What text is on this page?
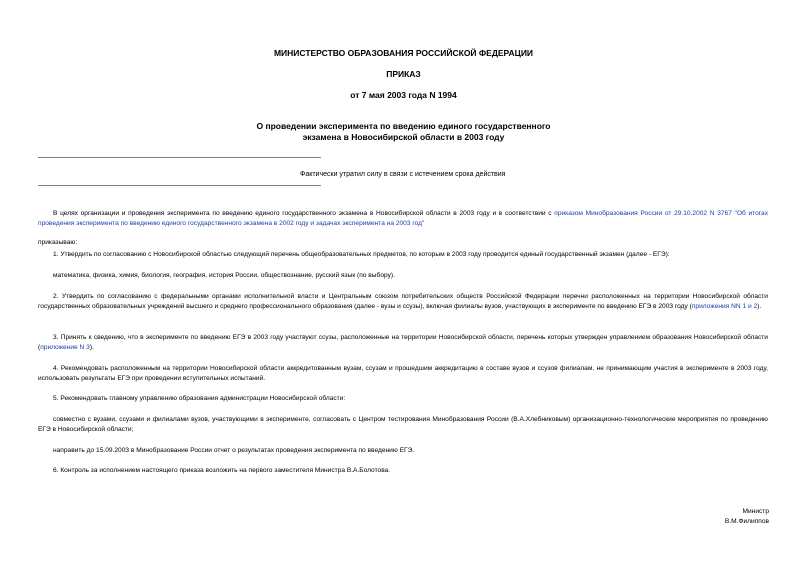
МИНИСТЕРСТВО ОБРАЗОВАНИЯ РОССИЙСКОЙ ФЕДЕРАЦИИ
ПРИКАЗ
от 7 мая 2003 года N 1994
О проведении эксперимента по введению единого государственного
экзамена в Новосибирской области в 2003 году
Фактически утратил силу в связи с истечением срока действия
В целях организации и проведения эксперимента по введению единого государственного экзамена в Новосибирской области в 2003 году и в соответствии с приказом Минобразования России от 29.10.2002 N 3767 "Об итогах проведения эксперимента по введению единого государственного экзамена в 2002 году и задачах эксперимента на 2003 год"
приказываю:
1. Утвердить по согласованию с Новосибирской областью следующий перечень общеобразовательных предметов, по которым в 2003 году проводится единый государственный экзамен (далее - ЕГЭ):
математика, физика, химия, биология, география, история России, обществознание, русский язык (по выбору).
2. Утвердить по согласованию с федеральными органами исполнительной власти и Центральным союзом потребительских обществ Российской Федерации перечни расположенных на территории Новосибирской области государственных образовательных учреждений высшего и среднего профессионального образования (далее - вузы и ссузы), включая филиалы вузов, участвующих в эксперименте по введению ЕГЭ в 2003 году (приложения NN 1 и 2).
3. Принять к сведению, что в эксперименте по введению ЕГЭ в 2003 году участвуют ссузы, расположенные на территории Новосибирской области, перечень которых утвержден управлением образования Новосибирской области (приложение N 3).
4. Рекомендовать расположенным на территории Новосибирской области аккредитованным вузам, ссузам и прошедшим аккредитацию в составе вузов и ссузов филиалам, не принимающим участия в эксперименте в 2003 году, использовать результаты ЕГЭ при проведении вступительных испытаний.
5. Рекомендовать главному управлению образования администрации Новосибирской области:
совместно с вузами, ссузами и филиалами вузов, участвующими в эксперименте, согласовать с Центром тестирования Минобразования России (В.А.Хлебниковым) организационно-технологические мероприятия по проведению ЕГЭ в Новосибирской области;
направить до 15.09.2003 в Минобразование России отчет о результатах проведения эксперимента по введению ЕГЭ.
6. Контроль за исполнением настоящего приказа возложить на первого заместителя Министра В.А.Болотова.
Министр
В.М.Филиппов
